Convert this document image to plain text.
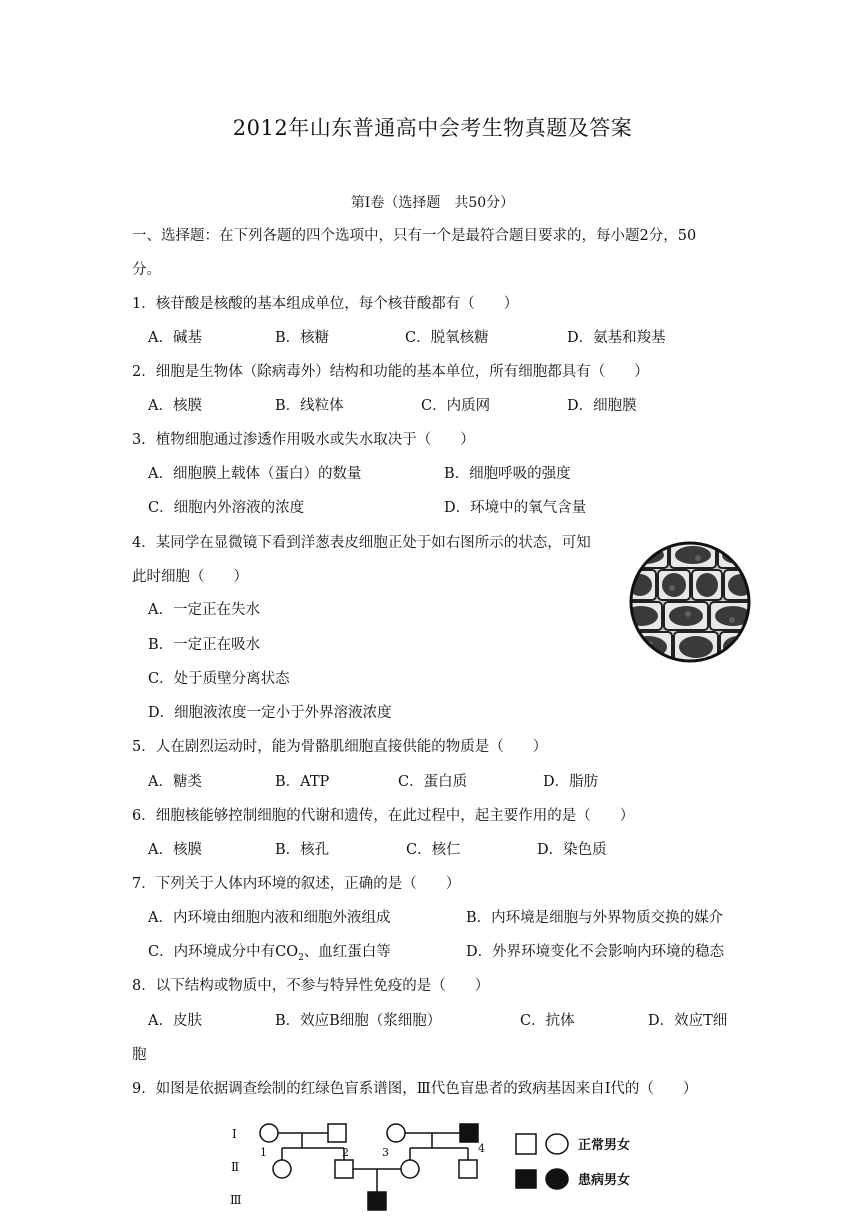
2012年山东普通高中会考生物真题及答案
第Ⅰ卷（选择题　共50分）
一、选择题：在下列各题的四个选项中，只有一个是最符合题目要求的，每小题2分，50
分。
1．核苷酸是核酸的基本组成单位，每个核苷酸都有（　　）
A．碱基	B．核糖	C．脱氧核糖	D．氨基和羧基
2．细胞是生物体（除病毒外）结构和功能的基本单位，所有细胞都具有（　　）
A．核膜	B．线粒体	C．内质网	D．细胞膜
3．植物细胞通过渗透作用吸水或失水取决于（　　）
A．细胞膜上载体（蛋白）的数量	B．细胞呼吸的强度
C．细胞内外溶液的浓度	D．环境中的氧气含量
4．某同学在显微镜下看到洋葱表皮细胞正处于如右图所示的状态，可知
此时细胞（　　）
A．一定正在失水
B．一定正在吸水
C．处于质壁分离状态
D．细胞液浓度一定小于外界溶液浓度
5．人在剧烈运动时，能为骨骼肌细胞直接供能的物质是（　　）
A．糖类	B．ATP	C．蛋白质	D．脂肪
6．细胞核能够控制细胞的代谢和遗传，在此过程中，起主要作用的是（　　）
A．核膜	B．核孔	C．核仁	D．染色质
7．下列关于人体内环境的叙述，正确的是（　　）
A．内环境由细胞内液和细胞外液组成	B．内环境是细胞与外界物质交换的媒介
C．内环境成分中有$CO_2$、血红蛋白等	D．外界环境变化不会影响内环境的稳态
8．以下结构或物质中，不参与特异性免疫的是（　　）
A．皮肤	B．效应B细胞（浆细胞）	C．抗体	D．效应T细
胞
9．如图是依据调查绘制的红绿色盲系谱图，Ⅲ代色盲患者的致病基因来自Ⅰ代的（　　）
Ⅰ
Ⅱ
Ⅲ
1	2	3	4	正常男女
患病男女
